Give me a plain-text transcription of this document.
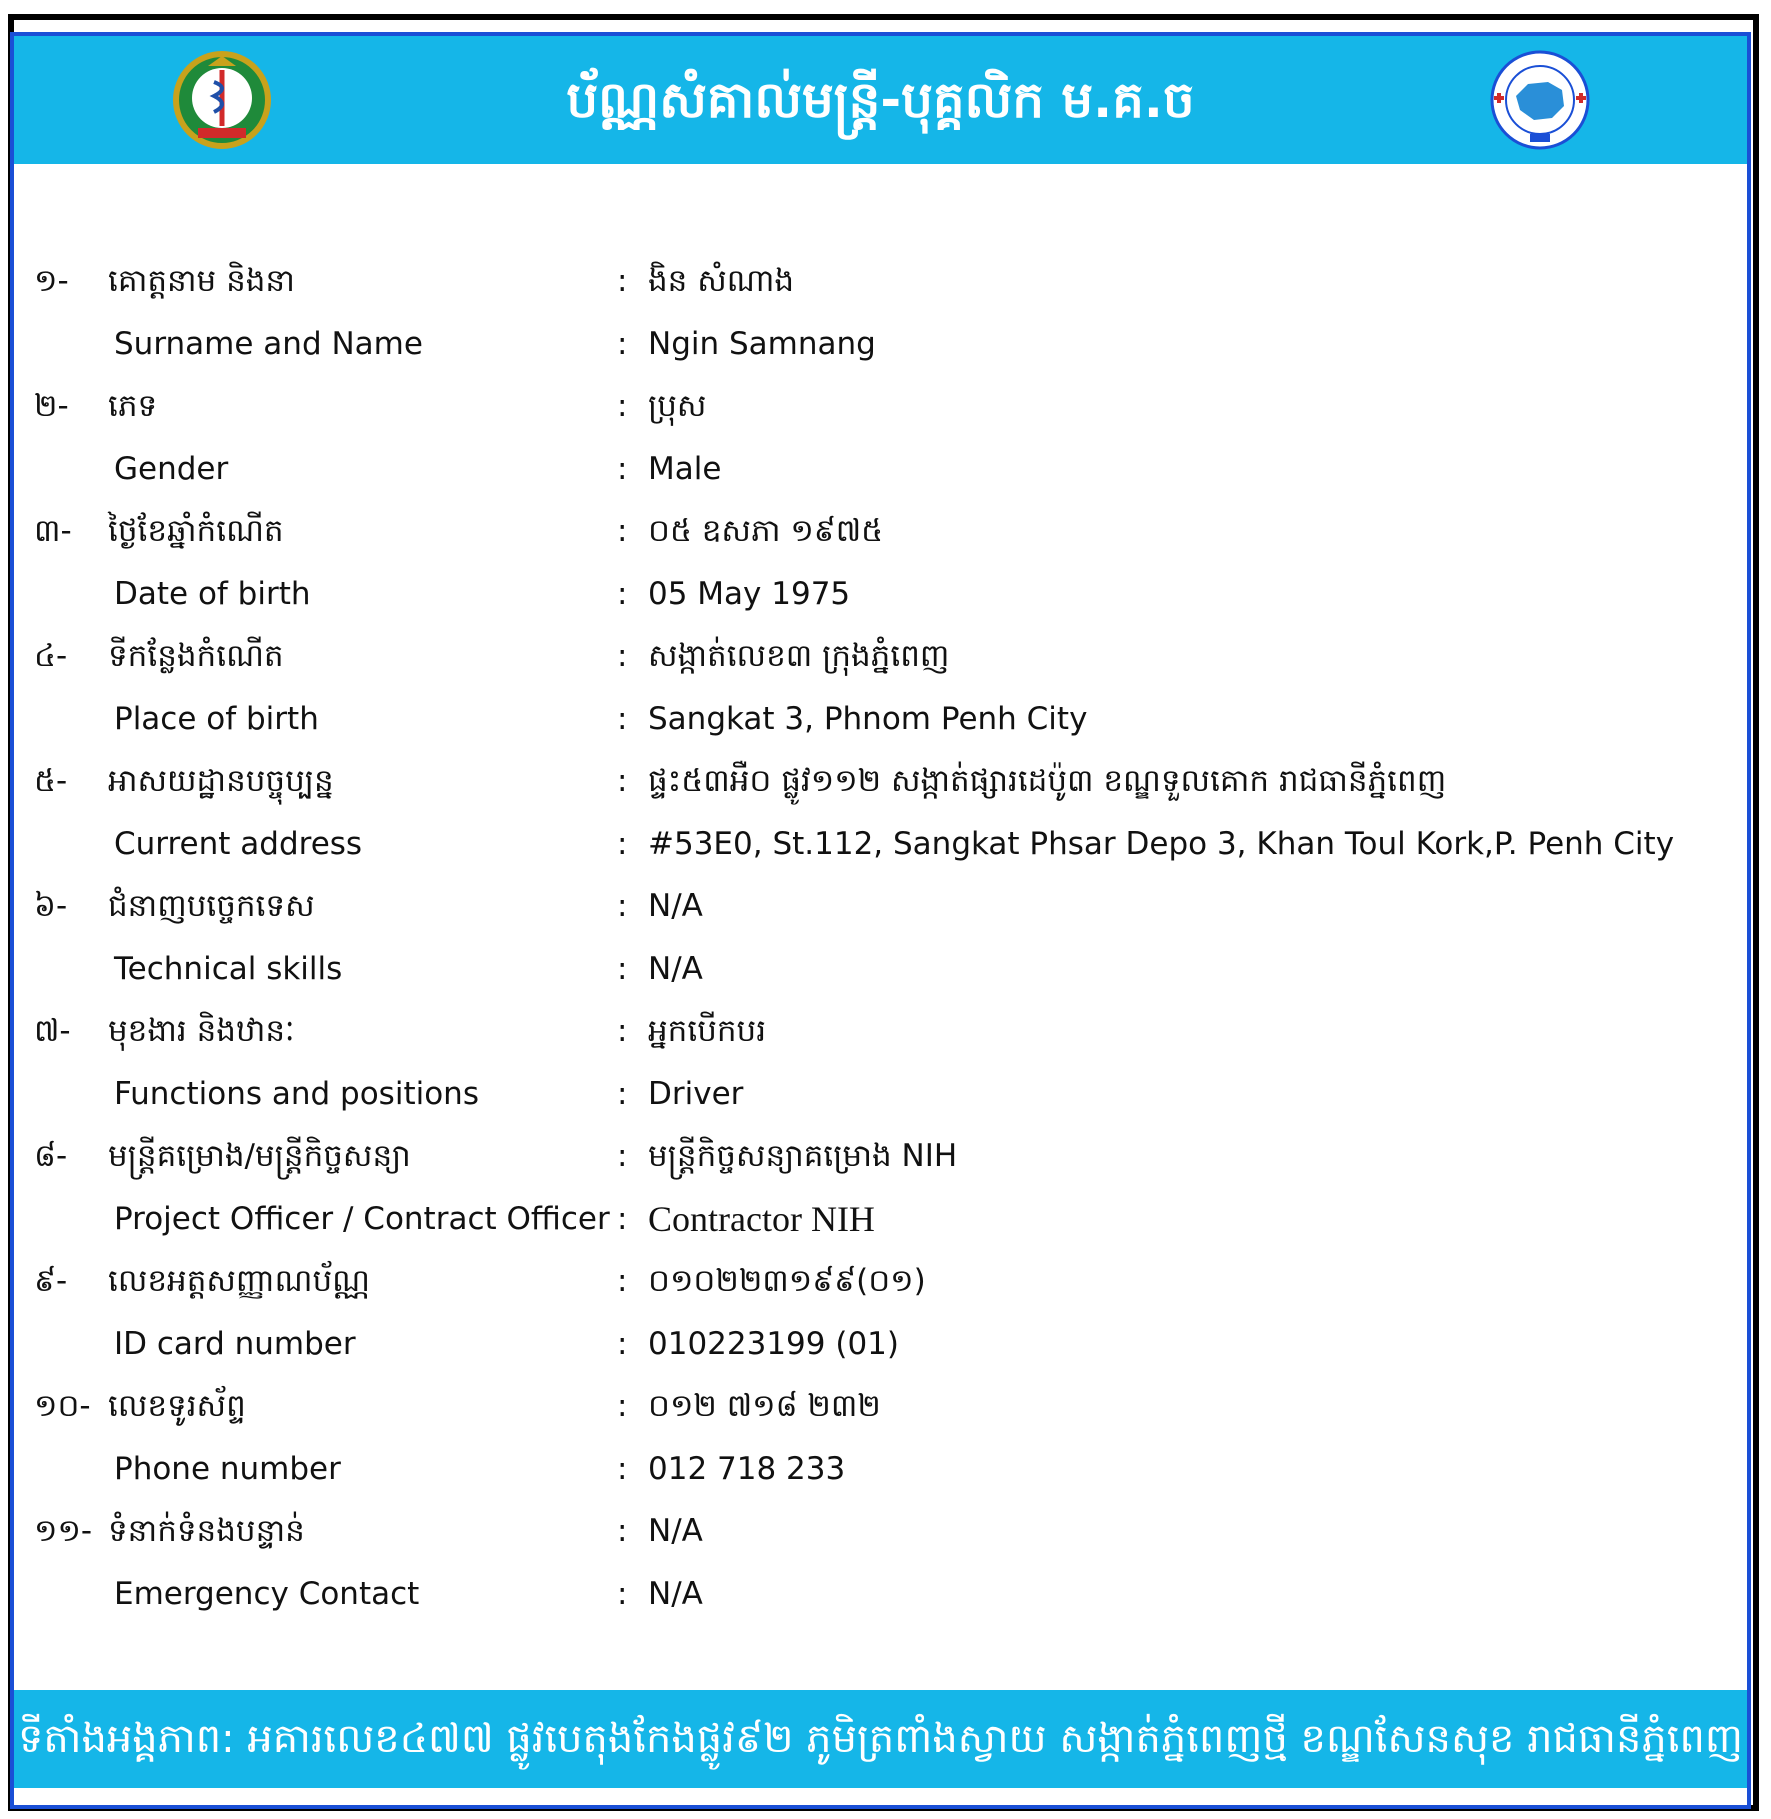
ប័ណ្ណសំគាល់មន្ត្រី-បុគ្គលិក ម.គ.ច
១- គោត្តនាម និងនា	: ងិន សំណាង
Surname and Name	: Ngin Samnang
២- ភេទ	: ប្រុស
Gender	: Male
៣- ថ្ងៃខែឆ្នាំកំណើត	: ០៥ ឧសភា ១៩៧៥
Date of birth	: 05 May 1975
៤- ទីកន្លែងកំណើត	: សង្កាត់លេខ៣ ក្រុងភ្នំពេញ
Place of birth	: Sangkat 3, Phnom Penh City
៥- អាសយដ្ឋានបច្ចុប្បន្ន	: ផ្ទះ៥៣អឺ០ ផ្លូវ១១២ សង្កាត់ផ្សារដេប៉ូ៣ ខណ្ឌទួលគោក រាជធានីភ្នំពេញ
Current address	: #53E0, St.112, Sangkat Phsar Depo 3, Khan Toul Kork,P. Penh City
៦- ជំនាញបច្ចេកទេស	: N/A
Technical skills	: N/A
៧- មុខងារ និងឋានៈ	: អ្នកបើកបរ
Functions and positions	: Driver
៨- មន្ត្រីគម្រោង/មន្ត្រីកិច្ចសន្យា	: មន្ត្រីកិច្ចសន្យាគម្រោង NIH
Project Officer / Contract Officer : Contractor NIH
៩- លេខអត្តសញ្ញាណប័ណ្ណ	: ០១០២២៣១៩៩(០១)
ID card number	: 010223199 (01)
១០- លេខទូរស័ព្ទ	: ០១២ ៧១៨ ២៣២
Phone number	: 012 718 233
១១- ទំនាក់ទំនងបន្ទាន់	: N/A
Emergency Contact	: N/A
ទីតាំងអង្គភាព: អគារលេខ៤៧៧ ផ្លូវបេតុងកែងផ្លូវ៩២ ភូមិត្រពាំងស្វាយ សង្កាត់ភ្នំពេញថ្មី ខណ្ឌសែនសុខ រាជធានីភ្នំពេញ
